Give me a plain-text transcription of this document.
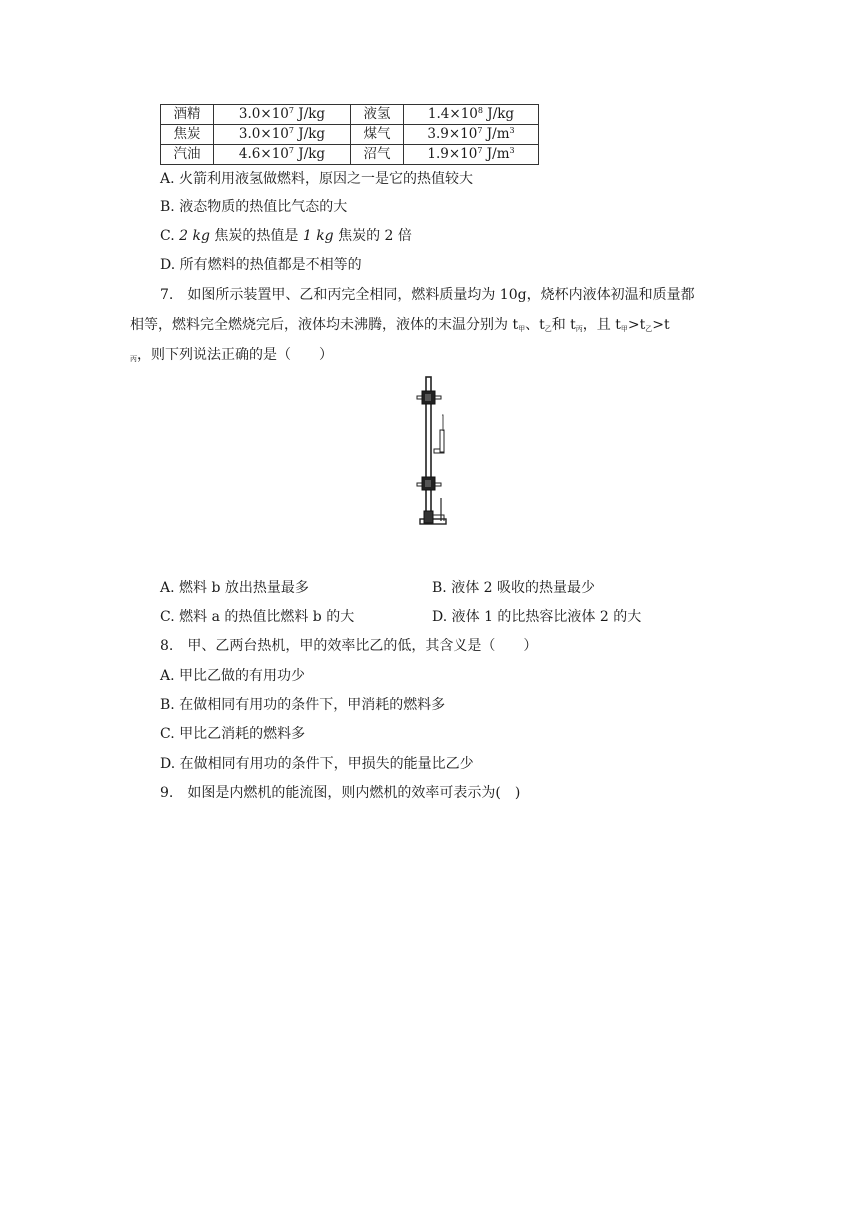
酒精	$3.0\times 10^7$ J/kg	液氢	$1.4\times 10^8$ J/kg
焦炭	$3.0\times 10^7$ J/kg	煤气	$3.9\times 10^7$ $J/m^3$
汽油	$4.6\times 10^7$ J/kg	沼气	$1.9\times 10^7$ $J/m^3$
A. 火箭利用液氢做燃料，原因之一是它的热值较大
B. 液态物质的热值比气态的大
C. 2 kg 焦炭的热值是 1 kg 焦炭的 2 倍
D. 所有燃料的热值都是不相等的
7.　如图所示装置甲、乙和丙完全相同，燃料质量均为 10g，烧杯内液体初温和质量都
相等，燃料完全燃烧完后，液体均未沸腾，液体的末温分别为 $t_甲$、$t_乙$和 $t_丙$，且 $t_甲>t_乙>t$
$_丙$，则下列说法正确的是（　　）
A. 燃料 b 放出热量最多	B. 液体 2 吸收的热量最少
C. 燃料 a 的热值比燃料 b 的大	D. 液体 1 的比热容比液体 2 的大
8.　甲、乙两台热机，甲的效率比乙的低，其含义是（　　）
A. 甲比乙做的有用功少
B. 在做相同有用功的条件下，甲消耗的燃料多
C. 甲比乙消耗的燃料多
D. 在做相同有用功的条件下，甲损失的能量比乙少
9.　如图是内燃机的能流图，则内燃机的效率可表示为(　)
